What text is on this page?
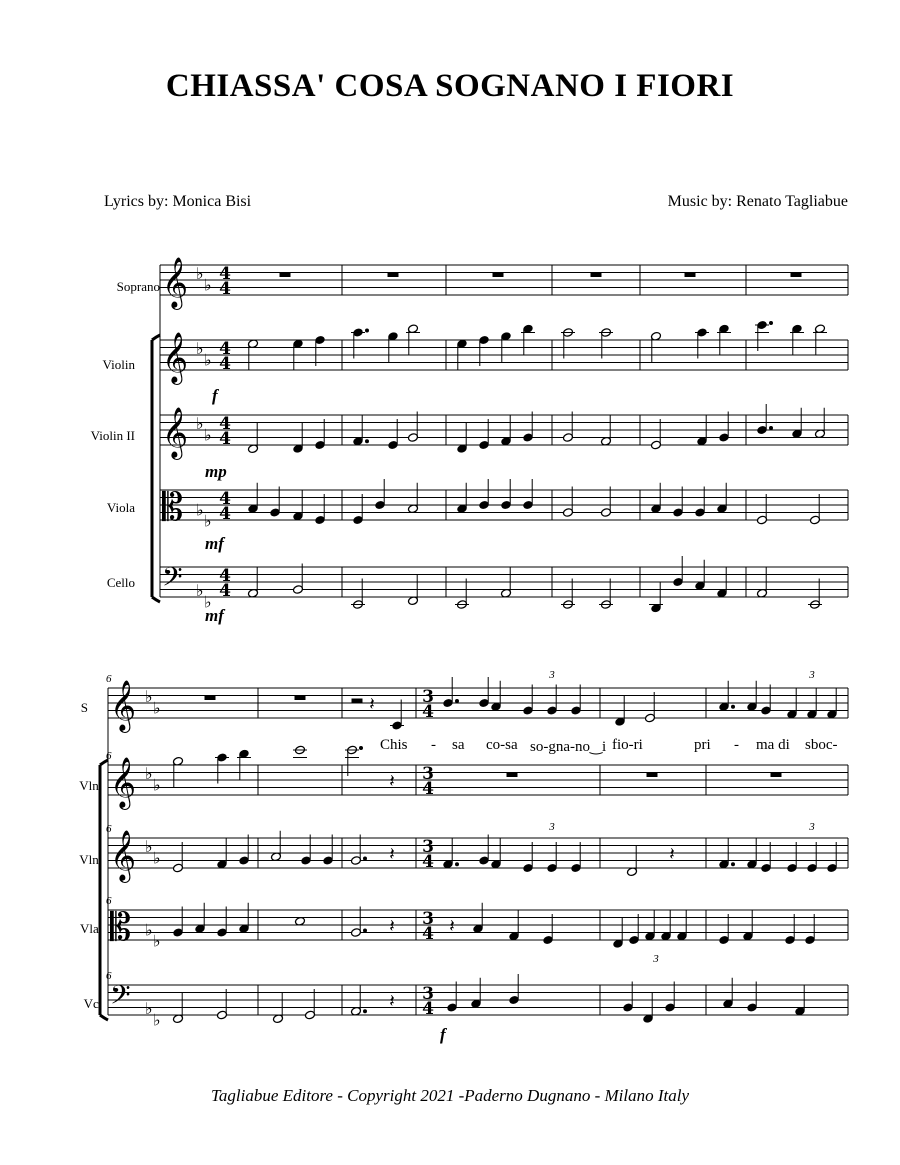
CHIASSA' COSA SOGNANO I FIORI
Lyrics by: Monica Bisi	Music by: Renato Tagliabue
Soprano
Violin
Violin II
Viola
Cello
f
mp
mf
mf
S
Vln.
Vln.
Vla.
Vc.
f
Chis - sa co-sa so-gna-no‿i fio-ri	pri - ma di sboc-
Tagliabue Editore - Copyright 2021 -Paderno Dugnano - Milano Italy
𝄞 ♭
♭
4
4
𝄞 ♭
♭
4
4
𝄞 ♭
♭
4
4
𝄡 ♭
♭
4
4
𝄢 ♭
♭
4
4
𝄞 ♭
♭
3
4
6
𝄞 ♭
♭
3
4
6
𝄞 ♭
♭
3
4
6
𝄡 ♭
♭
3
4
6
𝄢 ♭
♭
3
4
6
𝄽
3	3
𝄽
𝄽
3
𝄽
3
𝄽	𝄽
3
𝄽
